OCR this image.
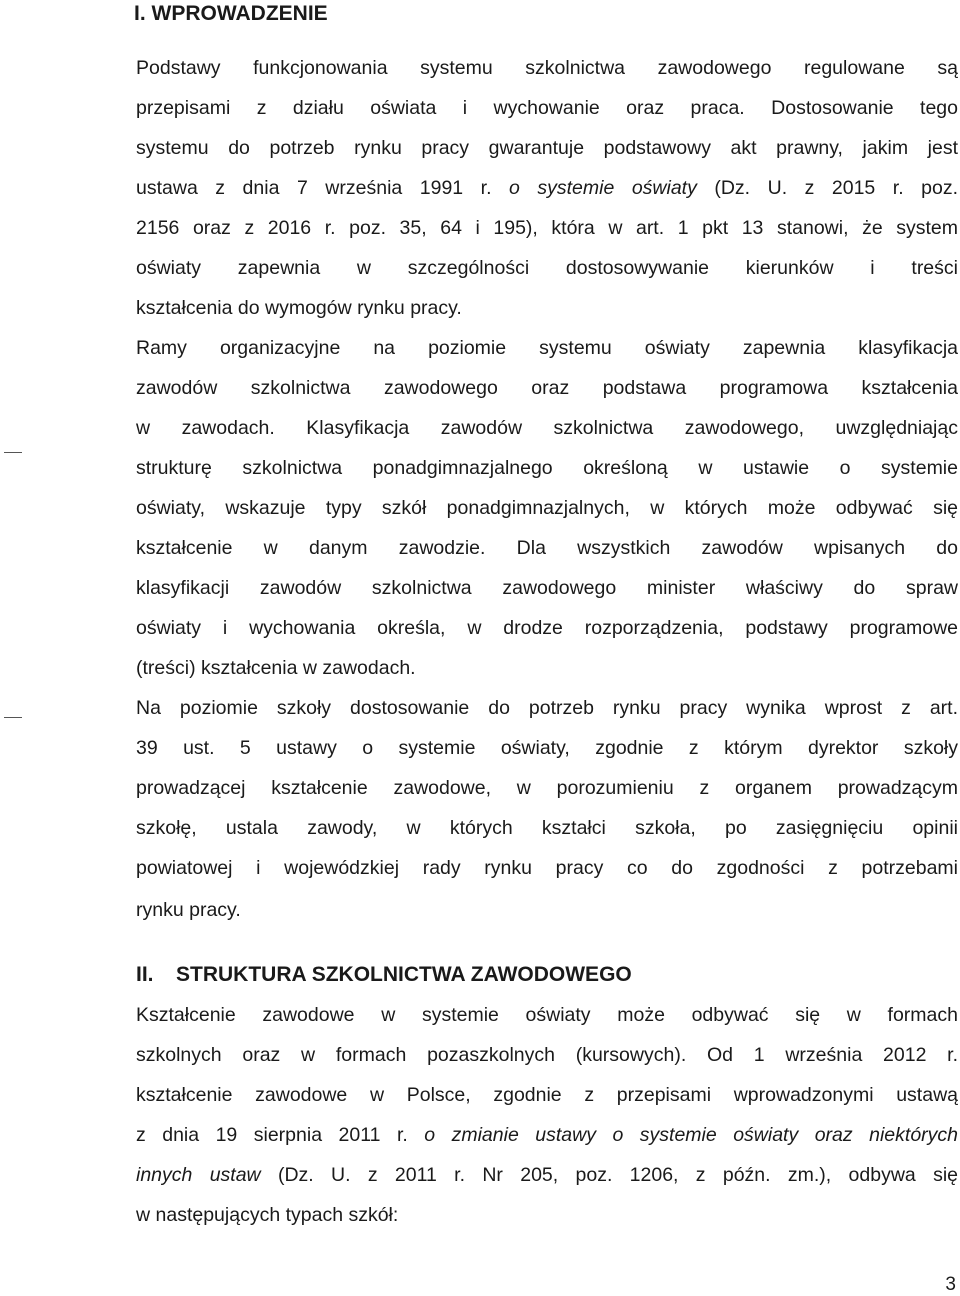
I. WPROWADZENIE
Podstawy funkcjonowania systemu szkolnictwa zawodowego regulowane są
przepisami z działu oświata i wychowanie oraz praca. Dostosowanie tego
systemu do potrzeb rynku pracy gwarantuje podstawowy akt prawny, jakim jest
ustawa z dnia 7 września 1991 r. o systemie oświaty (Dz. U. z 2015 r. poz.
2156 oraz z 2016 r. poz. 35, 64 i 195), która w art. 1 pkt 13 stanowi, że system
oświaty zapewnia w szczególności dostosowywanie kierunków i treści
kształcenia do wymogów rynku pracy.
Ramy organizacyjne na poziomie systemu oświaty zapewnia klasyfikacja
zawodów szkolnictwa zawodowego oraz podstawa programowa kształcenia
w zawodach. Klasyfikacja zawodów szkolnictwa zawodowego, uwzględniając
strukturę szkolnictwa ponadgimnazjalnego określoną w ustawie o systemie
oświaty, wskazuje typy szkół ponadgimnazjalnych, w których może odbywać się
kształcenie w danym zawodzie. Dla wszystkich zawodów wpisanych do
klasyfikacji zawodów szkolnictwa zawodowego minister właściwy do spraw
oświaty i wychowania określa, w drodze rozporządzenia, podstawy programowe
(treści) kształcenia w zawodach.
Na poziomie szkoły dostosowanie do potrzeb rynku pracy wynika wprost z art.
39 ust. 5 ustawy o systemie oświaty, zgodnie z którym dyrektor szkoły
prowadzącej kształcenie zawodowe, w porozumieniu z organem prowadzącym
szkołę, ustala zawody, w których kształci szkoła, po zasięgnięciu opinii
powiatowej i wojewódzkiej rady rynku pracy co do zgodności z potrzebami
rynku pracy.
II. STRUKTURA SZKOLNICTWA ZAWODOWEGO
Kształcenie zawodowe w systemie oświaty może odbywać się w formach
szkolnych oraz w formach pozaszkolnych (kursowych). Od 1 września 2012 r.
kształcenie zawodowe w Polsce, zgodnie z przepisami wprowadzonymi ustawą
z dnia 19 sierpnia 2011 r. o zmianie ustawy o systemie oświaty oraz niektórych
innych ustaw (Dz. U. z 2011 r. Nr 205, poz. 1206, z późn. zm.), odbywa się
w następujących typach szkół:
3
